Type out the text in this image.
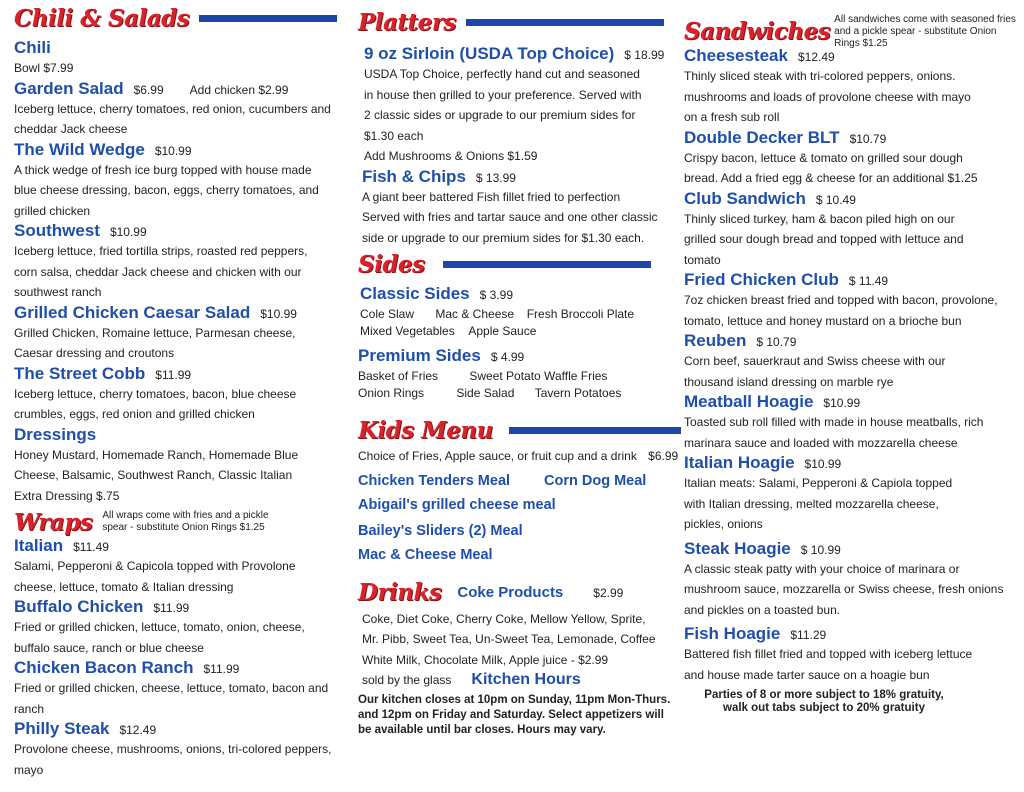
Chili & Salads
Chili
Bowl $7.99
Garden Salad $6.99 Add chicken $2.99
Iceberg lettuce, cherry tomatoes, red onion, cucumbers and cheddar Jack cheese
The Wild Wedge $10.99
A thick wedge of fresh ice burg topped with house made blue cheese dressing, bacon, eggs, cherry tomatoes, and grilled chicken
Southwest $10.99
Iceberg lettuce, fried tortilla strips, roasted red peppers, corn salsa, cheddar Jack cheese and chicken with our southwest ranch
Grilled Chicken Caesar Salad $10.99
Grilled Chicken, Romaine lettuce, Parmesan cheese, Caesar dressing and croutons
The Street Cobb $11.99
Iceberg lettuce, cherry tomatoes, bacon, blue cheese crumbles, eggs, red onion and grilled chicken
Dressings
Honey Mustard, Homemade Ranch, Homemade Blue Cheese, Balsamic, Southwest Ranch, Classic Italian
Extra Dressing $.75
Wraps All wraps come with fries and a pickle spear - substitute Onion Rings $1.25
Italian $11.49
Salami, Pepperoni & Capicola topped with Provolone cheese, lettuce, tomato & Italian dressing
Buffalo Chicken $11.99
Fried or grilled chicken, lettuce, tomato, onion, cheese, buffalo sauce, ranch or blue cheese
Chicken Bacon Ranch $11.99
Fried or grilled chicken, cheese, lettuce, tomato, bacon and ranch
Philly Steak $12.49
Provolone cheese, mushrooms, onions, tri-colored peppers, mayo
Platters
9 oz Sirloin (USDA Top Choice) $ 18.99
USDA Top Choice, perfectly hand cut and seasoned in house then grilled to your preference. Served with 2 classic sides or upgrade to our premium sides for $1.30 each
Add Mushrooms & Onions $1.59
Fish & Chips $ 13.99
A giant beer battered Fish fillet fried to perfection Served with fries and tartar sauce and one other classic side or upgrade to our premium sides for $1.30 each.
Sides
Classic Sides $ 3.99
Cole Slaw Mac & Cheese Fresh Broccoli Plate
Mixed Vegetables Apple Sauce
Premium Sides $ 4.99
Basket of Fries	Sweet Potato Waffle Fries
Onion Rings	Side Salad Tavern Potatoes
Kids Menu
Choice of Fries, Apple sauce, or fruit cup and a drink $6.99
Chicken Tenders Meal Corn Dog Meal
Abigail's grilled cheese meal
Bailey's Sliders (2) Meal
Mac & Cheese Meal
Drinks Coke Products	$2.99
Coke, Diet Coke, Cherry Coke, Mellow Yellow, Sprite, Mr. Pibb, Sweet Tea, Un-Sweet Tea, Lemonade, Coffee
White Milk, Chocolate Milk, Apple juice - $2.99
sold by the glass Kitchen Hours
Our kitchen closes at 10pm on Sunday, 11pm Mon-Thurs. and 12pm on Friday and Saturday. Select appetizers will be available until bar closes. Hours may vary.
Sandwiches All sandwiches come with seasoned fries and a pickle spear - substitute Onion Rings $1.25
Cheesesteak $12.49
Thinly sliced steak with tri-colored peppers, onions. mushrooms and loads of provolone cheese with mayo on a fresh sub roll
Double Decker BLT $10.79
Crispy bacon, lettuce & tomato on grilled sour dough bread. Add a fried egg & cheese for an additional $1.25
Club Sandwich $ 10.49
Thinly sliced turkey, ham & bacon piled high on our grilled sour dough bread and topped with lettuce and tomato
Fried Chicken Club $ 11.49
7oz chicken breast fried and topped with bacon, provolone, tomato, lettuce and honey mustard on a brioche bun
Reuben $ 10.79
Corn beef, sauerkraut and Swiss cheese with our thousand island dressing on marble rye
Meatball Hoagie $10.99
Toasted sub roll filled with made in house meatballs, rich marinara sauce and loaded with mozzarella cheese
Italian Hoagie $10.99
Italian meats: Salami, Pepperoni & Capiola topped with Italian dressing, melted mozzarella cheese, pickles, onions
Steak Hoagie $ 10.99
A classic steak patty with your choice of marinara or mushroom sauce, mozzarella or Swiss cheese, fresh onions and pickles on a toasted bun.
Fish Hoagie $11.29
Battered fish fillet fried and topped with iceberg lettuce and house made tarter sauce on a hoagie bun
Parties of 8 or more subject to 18% gratuity,
walk out tabs subject to 20% gratuity
